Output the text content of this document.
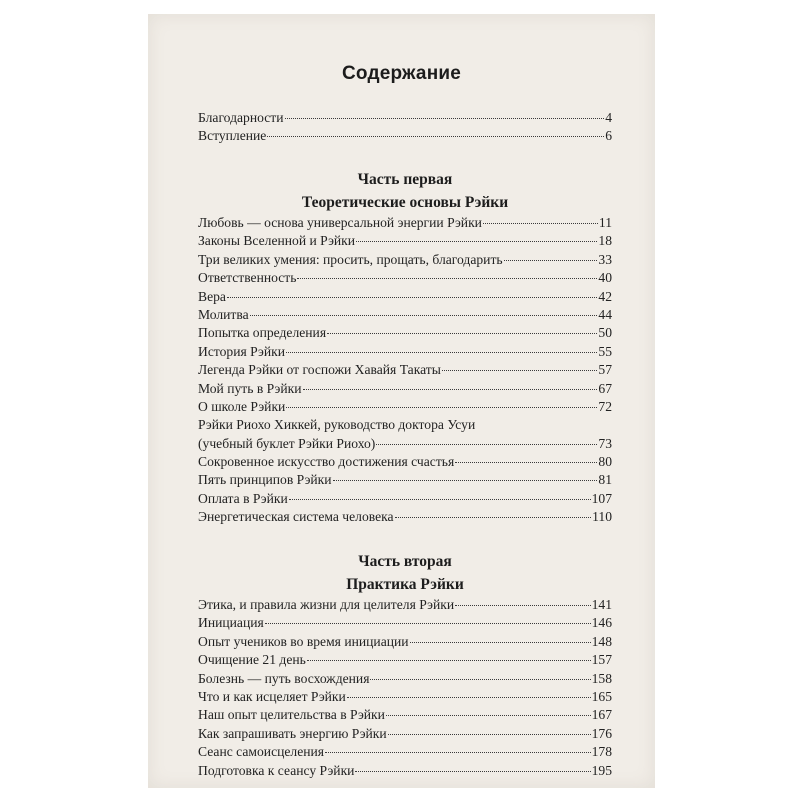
Содержание
Благодарности	4
Вступление	6
Часть первая
Теоретические основы Рэйки
Любовь — основа универсальной энергии Рэйки	11
Законы Вселенной и Рэйки	18
Три великих умения: просить, прощать, благодарить	33
Ответственность	40
Вера	42
Молитва	44
Попытка определения	50
История Рэйки	55
Легенда Рэйки от госпожи Хавайя Такаты	57
Мой путь в Рэйки	67
О школе Рэйки	72
Рэйки Риохо Хиккей, руководство доктора Усуи
(учебный буклет Рэйки Риохо)	73
Сокровенное искусство достижения счастья	80
Пять принципов Рэйки	81
Оплата в Рэйки	107
Энергетическая система человека	110
Часть вторая
Практика Рэйки
Этика, и правила жизни для целителя Рэйки	141
Инициация	146
Опыт учеников во время инициации	148
Очищение 21 день	157
Болезнь — путь восхождения	158
Что и как исцеляет Рэйки	165
Наш опыт целительства в Рэйки	167
Как запрашивать энергию Рэйки	176
Сеанс самоисцеления	178
Подготовка к сеансу Рэйки	195
